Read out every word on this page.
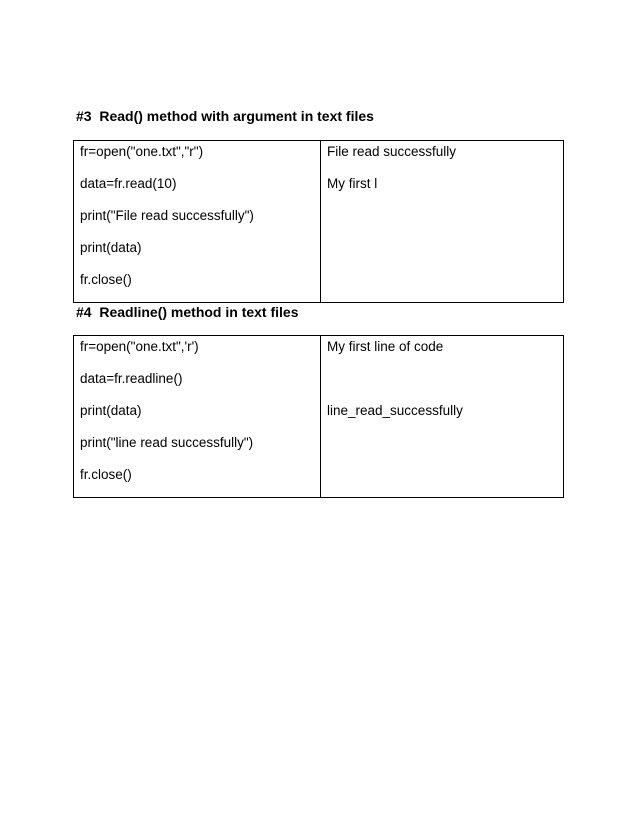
#3  Read() method with argument in text files
fr=open("one.txt","r")
data=fr.read(10)
print("File read successfully")
print(data)
fr.close()

File read successfully
My first l
#4  Readline() method in text files
fr=open("one.txt",'r')
data=fr.readline()
print(data)
print("line read successfully")
fr.close()

My first line of code
line_read_successfully
